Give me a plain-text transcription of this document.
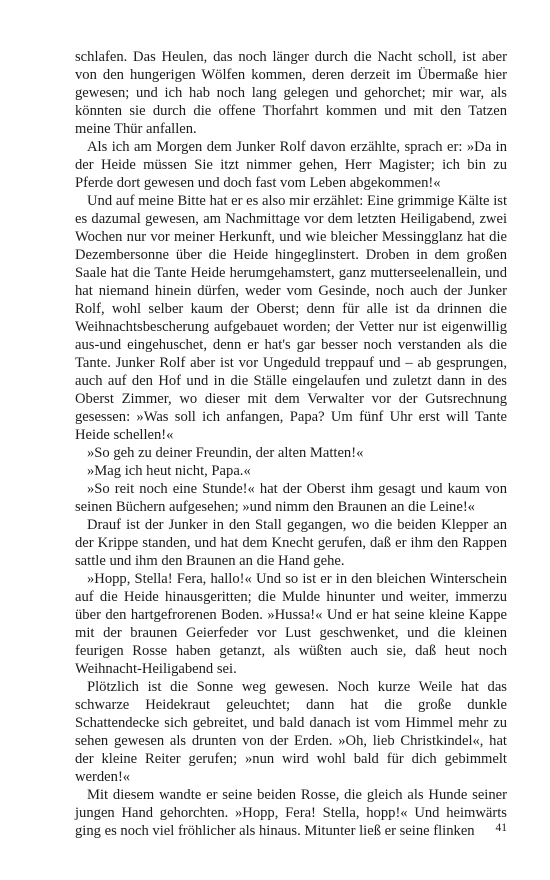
schlafen. Das Heulen, das noch länger durch die Nacht scholl, ist aber von den hungerigen Wölfen kommen, deren derzeit im Übermaße hier gewesen; und ich hab noch lang gelegen und gehorchet; mir war, als könnten sie durch die offene Thorfahrt kommen und mit den Tatzen meine Thür anfallen.

Als ich am Morgen dem Junker Rolf davon erzählte, sprach er: »Da in der Heide müssen Sie itzt nimmer gehen, Herr Magister; ich bin zu Pferde dort gewesen und doch fast vom Leben abgekommen!«

Und auf meine Bitte hat er es also mir erzählet: Eine grimmige Kälte ist es dazumal gewesen, am Nachmittage vor dem letzten Heiligabend, zwei Wochen nur vor meiner Herkunft, und wie bleicher Messingglanz hat die Dezembersonne über die Heide hingeglinstert. Droben in dem großen Saale hat die Tante Heide herumgehamstert, ganz mutterseelenallein, und hat niemand hinein dürfen, weder vom Gesinde, noch auch der Junker Rolf, wohl selber kaum der Oberst; denn für alle ist da drinnen die Weihnachtsbescherung aufgebauet worden; der Vetter nur ist eigenwillig aus-und eingehuschet, denn er hat's gar besser noch verstanden als die Tante. Junker Rolf aber ist vor Ungeduld treppauf und – ab gesprungen, auch auf den Hof und in die Ställe eingelaufen und zuletzt dann in des Oberst Zimmer, wo dieser mit dem Verwalter vor der Gutsrechnung gesessen: »Was soll ich anfangen, Papa? Um fünf Uhr erst will Tante Heide schellen!«

»So geh zu deiner Freundin, der alten Matten!«

»Mag ich heut nicht, Papa.«

»So reit noch eine Stunde!« hat der Oberst ihm gesagt und kaum von seinen Büchern aufgesehen; »und nimm den Braunen an die Leine!«

Drauf ist der Junker in den Stall gegangen, wo die beiden Klepper an der Krippe standen, und hat dem Knecht gerufen, daß er ihm den Rappen sattle und ihm den Braunen an die Hand gehe.

»Hopp, Stella! Fera, hallo!« Und so ist er in den bleichen Winterschein auf die Heide hinausgeritten; die Mulde hinunter und weiter, immerzu über den hartgefrorenen Boden. »Hussa!« Und er hat seine kleine Kappe mit der braunen Geierfeder vor Lust geschwenket, und die kleinen feurigen Rosse haben getanzt, als wüßten auch sie, daß heut noch Weihnacht-Heiligabend sei.

Plötzlich ist die Sonne weg gewesen. Noch kurze Weile hat das schwarze Heidekraut geleuchtet; dann hat die große dunkle Schattendecke sich gebreitet, und bald danach ist vom Himmel mehr zu sehen gewesen als drunten von der Erden. »Oh, lieb Christkindel«, hat der kleine Reiter gerufen; »nun wird wohl bald für dich gebimmelt werden!«

Mit diesem wandte er seine beiden Rosse, die gleich als Hunde seiner jungen Hand gehorchten. »Hopp, Fera! Stella, hopp!« Und heimwärts ging es noch viel fröhlicher als hinaus. Mitunter ließ er seine flinken	41
